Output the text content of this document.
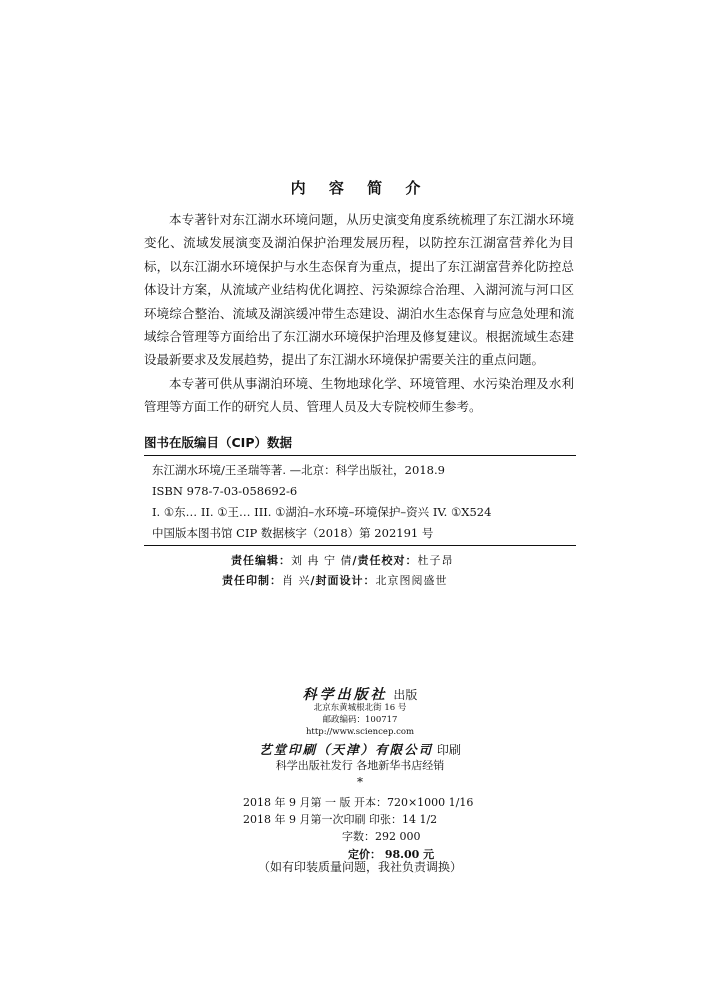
内 容 简 介

本专著针对东江湖水环境问题，从历史演变角度系统梳理了东江湖水环境变化、流域发展演变及湖泊保护治理发展历程，以防控东江湖富营养化为目标，以东江湖水环境保护与水生态保育为重点，提出了东江湖富营养化防控总体设计方案，从流域产业结构优化调控、污染源综合治理、入湖河流与河口区环境综合整治、流域及湖滨缓冲带生态建设、湖泊水生态保育与应急处理和流域综合管理等方面给出了东江湖水环境保护治理及修复建议。根据流域生态建设最新要求及发展趋势，提出了东江湖水环境保护需要关注的重点问题。

本专著可供从事湖泊环境、生物地球化学、环境管理、水污染治理及水利管理等方面工作的研究人员、管理人员及大专院校师生参考。

图书在版编目（CIP）数据
东江湖水环境/王圣瑞等著. —北京：科学出版社，2018.9
ISBN 978-7-03-058692-6
I. ①东… II. ①王… III. ①湖泊–水环境–环境保护–资兴 IV. ①X524
中国版本图书馆 CIP 数据核字（2018）第 202191 号
责任编辑：刘 冉 宁 倩/责任校对：杜子昂
责任印制：肖 兴/封面设计：北京图阅盛世
科学出版社 出版
北京东黄城根北街 16 号
邮政编码：100717
http://www.sciencep.com
艺堂印刷（天津）有限公司 印刷
科学出版社发行 各地新华书店经销
*
2018 年 9 月第 一 版 开本：720×1000 1/16
2018 年 9 月第一次印刷 印张：14 1/2
字数：292 000
定价： 98.00 元
（如有印装质量问题，我社负责调换）
